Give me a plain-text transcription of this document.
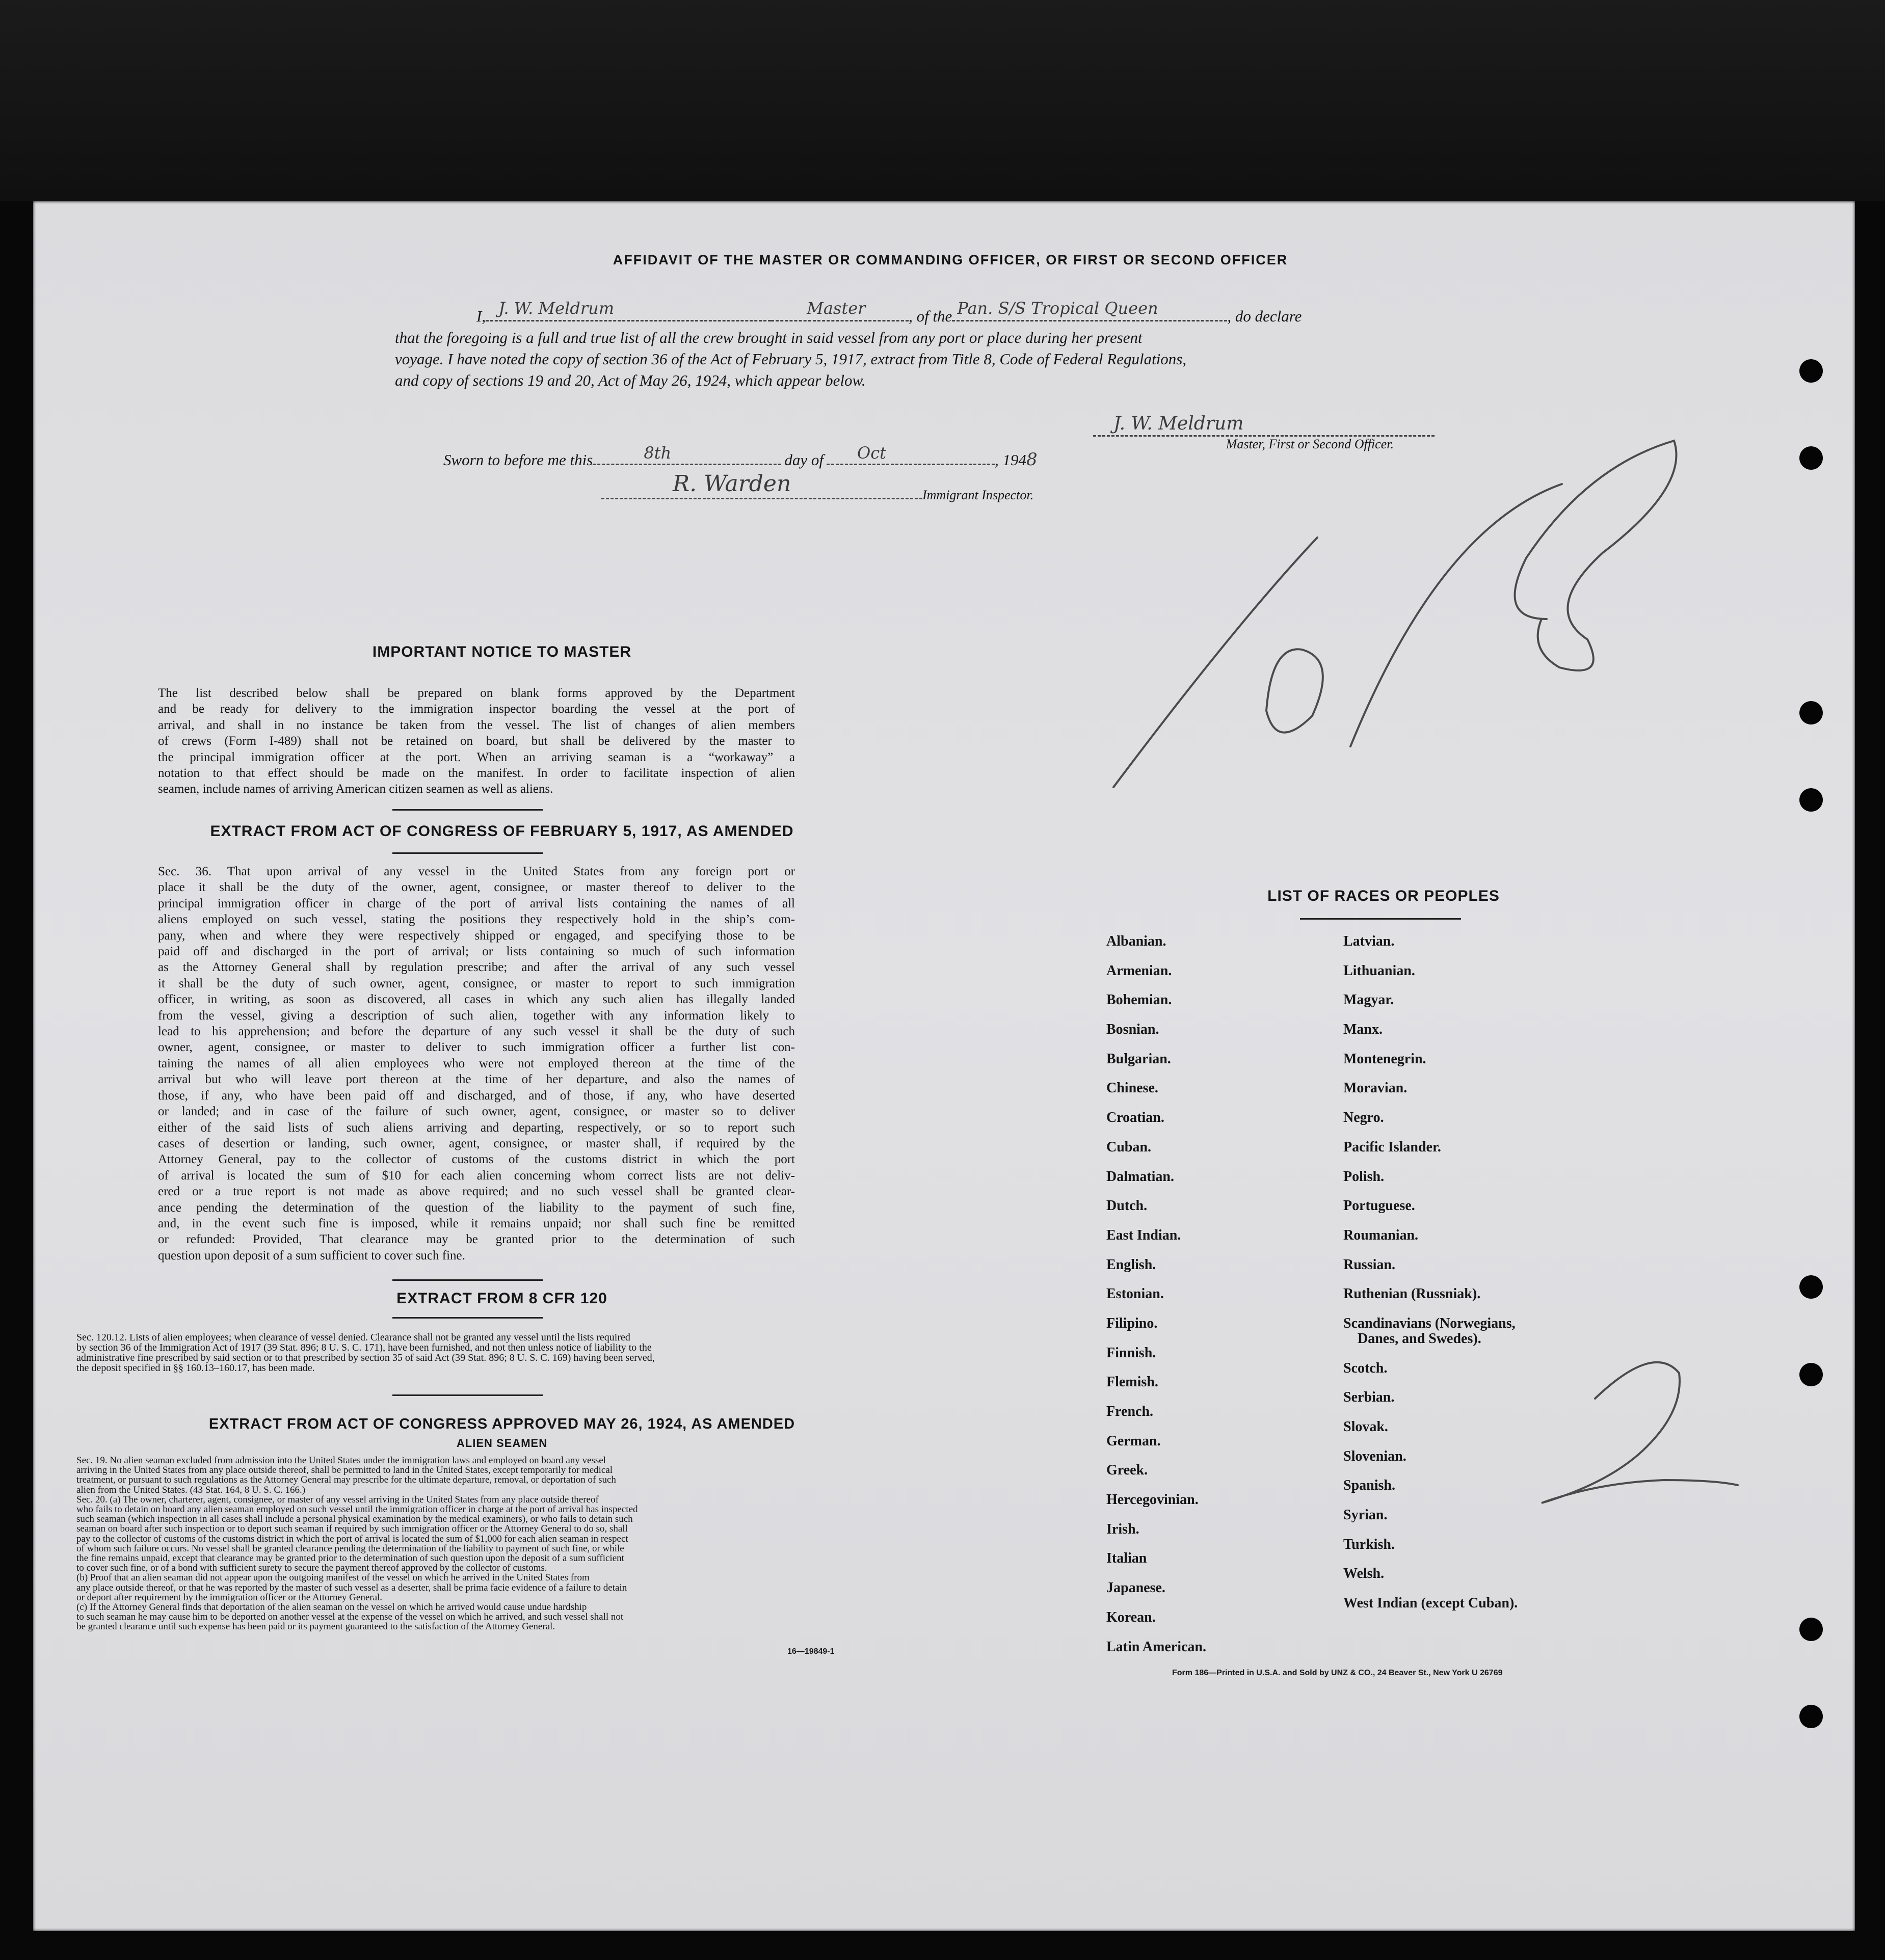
AFFIDAVIT OF THE MASTER OR COMMANDING OFFICER, OR FIRST OR SECOND OFFICER
I, J. W. Meldrum	Master	, of the Pan. S/S Tropical Queen	, do declare
that the foregoing is a full and true list of all the crew brought in said vessel from any port or place during her present
voyage. I have noted the copy of section 36 of the Act of February 5, 1917, extract from Title 8, Code of Federal Regulations,
and copy of sections 19 and 20, Act of May 26, 1924, which appear below.
J. W. Meldrum
Master, First or Second Officer.
Sworn to before me this	8th	day of Oct	, 194 8
R. Warden	Immigrant Inspector.
IMPORTANT NOTICE TO MASTER
The list described below shall be prepared on blank forms approved by the Department
and be ready for delivery to the immigration inspector boarding the vessel at the port of
arrival, and shall in no instance be taken from the vessel. The list of changes of alien members
of crews (Form I-489) shall not be retained on board, but shall be delivered by the master to
the principal immigration officer at the port. When an arriving seaman is a “workaway” a
notation to that effect should be made on the manifest. In order to facilitate inspection of alien
seamen, include names of arriving American citizen seamen as well as aliens.
EXTRACT FROM ACT OF CONGRESS OF FEBRUARY 5, 1917, AS AMENDED
Sec. 36. That upon arrival of any vessel in the United States from any foreign port or
place it shall be the duty of the owner, agent, consignee, or master thereof to deliver to the
principal immigration officer in charge of the port of arrival lists containing the names of all
aliens employed on such vessel, stating the positions they respectively hold in the ship’s com-
pany, when and where they were respectively shipped or engaged, and specifying those to be
paid off and discharged in the port of arrival; or lists containing so much of such information
as the Attorney General shall by regulation prescribe; and after the arrival of any such vessel
it shall be the duty of such owner, agent, consignee, or master to report to such immigration
officer, in writing, as soon as discovered, all cases in which any such alien has illegally landed
from the vessel, giving a description of such alien, together with any information likely to
lead to his apprehension; and before the departure of any such vessel it shall be the duty of such
owner, agent, consignee, or master to deliver to such immigration officer a further list con-
taining the names of all alien employees who were not employed thereon at the time of the
arrival but who will leave port thereon at the time of her departure, and also the names of
those, if any, who have been paid off and discharged, and of those, if any, who have deserted
or landed; and in case of the failure of such owner, agent, consignee, or master so to deliver
either of the said lists of such aliens arriving and departing, respectively, or so to report such
cases of desertion or landing, such owner, agent, consignee, or master shall, if required by the
Attorney General, pay to the collector of customs of the customs district in which the port
of arrival is located the sum of $10 for each alien concerning whom correct lists are not deliv-
ered or a true report is not made as above required; and no such vessel shall be granted clear-
ance pending the determination of the question of the liability to the payment of such fine,
and, in the event such fine is imposed, while it remains unpaid; nor shall such fine be remitted
or refunded: Provided, That clearance may be granted prior to the determination of such
question upon deposit of a sum sufficient to cover such fine.
EXTRACT FROM 8 CFR 120
Sec. 120.12. Lists of alien employees; when clearance of vessel denied. Clearance shall not be granted any vessel until the lists required
by section 36 of the Immigration Act of 1917 (39 Stat. 896; 8 U. S. C. 171), have been furnished, and not then unless notice of liability to the
administrative fine prescribed by said section or to that prescribed by section 35 of said Act (39 Stat. 896; 8 U. S. C. 169) having been served,
the deposit specified in §§ 160.13–160.17, has been made.
EXTRACT FROM ACT OF CONGRESS APPROVED MAY 26, 1924, AS AMENDED
ALIEN SEAMEN
Sec. 19. No alien seaman excluded from admission into the United States under the immigration laws and employed on board any vessel
arriving in the United States from any place outside thereof, shall be permitted to land in the United States, except temporarily for medical
treatment, or pursuant to such regulations as the Attorney General may prescribe for the ultimate departure, removal, or deportation of such
alien from the United States. (43 Stat. 164, 8 U. S. C. 166.)
Sec. 20. (a) The owner, charterer, agent, consignee, or master of any vessel arriving in the United States from any place outside thereof
who fails to detain on board any alien seaman employed on such vessel until the immigration officer in charge at the port of arrival has inspected
such seaman (which inspection in all cases shall include a personal physical examination by the medical examiners), or who fails to detain such
seaman on board after such inspection or to deport such seaman if required by such immigration officer or the Attorney General to do so, shall
pay to the collector of customs of the customs district in which the port of arrival is located the sum of $1,000 for each alien seaman in respect
of whom such failure occurs. No vessel shall be granted clearance pending the determination of the liability to payment of such fine, or while
the fine remains unpaid, except that clearance may be granted prior to the determination of such question upon the deposit of a sum sufficient
to cover such fine, or of a bond with sufficient surety to secure the payment thereof approved by the collector of customs.
(b) Proof that an alien seaman did not appear upon the outgoing manifest of the vessel on which he arrived in the United States from
any place outside thereof, or that he was reported by the master of such vessel as a deserter, shall be prima facie evidence of a failure to detain
or deport after requirement by the immigration officer or the Attorney General.
(c) If the Attorney General finds that deportation of the alien seaman on the vessel on which he arrived would cause undue hardship
to such seaman he may cause him to be deported on another vessel at the expense of the vessel on which he arrived, and such vessel shall not
be granted clearance until such expense has been paid or its payment guaranteed to the satisfaction of the Attorney General.
16—19849-1
LIST OF RACES OR PEOPLES
Albanian.
Armenian.
Bohemian.
Bosnian.
Bulgarian.
Chinese.
Croatian.
Cuban.
Dalmatian.
Dutch.
East Indian.
English.
Estonian.
Filipino.
Finnish.
Flemish.
French.
German.
Greek.
Hercegovinian.
Irish.
Italian
Japanese.
Korean.
Latin American.
Latvian.
Lithuanian.
Magyar.
Manx.
Montenegrin.
Moravian.
Negro.
Pacific Islander.
Polish.
Portuguese.
Roumanian.
Russian.
Ruthenian (Russniak).
Scandinavians (Norwegians,
Danes, and Swedes).
Scotch.
Serbian.
Slovak.
Slovenian.
Spanish.
Syrian.
Turkish.
Welsh.
West Indian (except Cuban).
Form 186—Printed in U.S.A. and Sold by UNZ & CO., 24 Beaver St., New York U 26769
